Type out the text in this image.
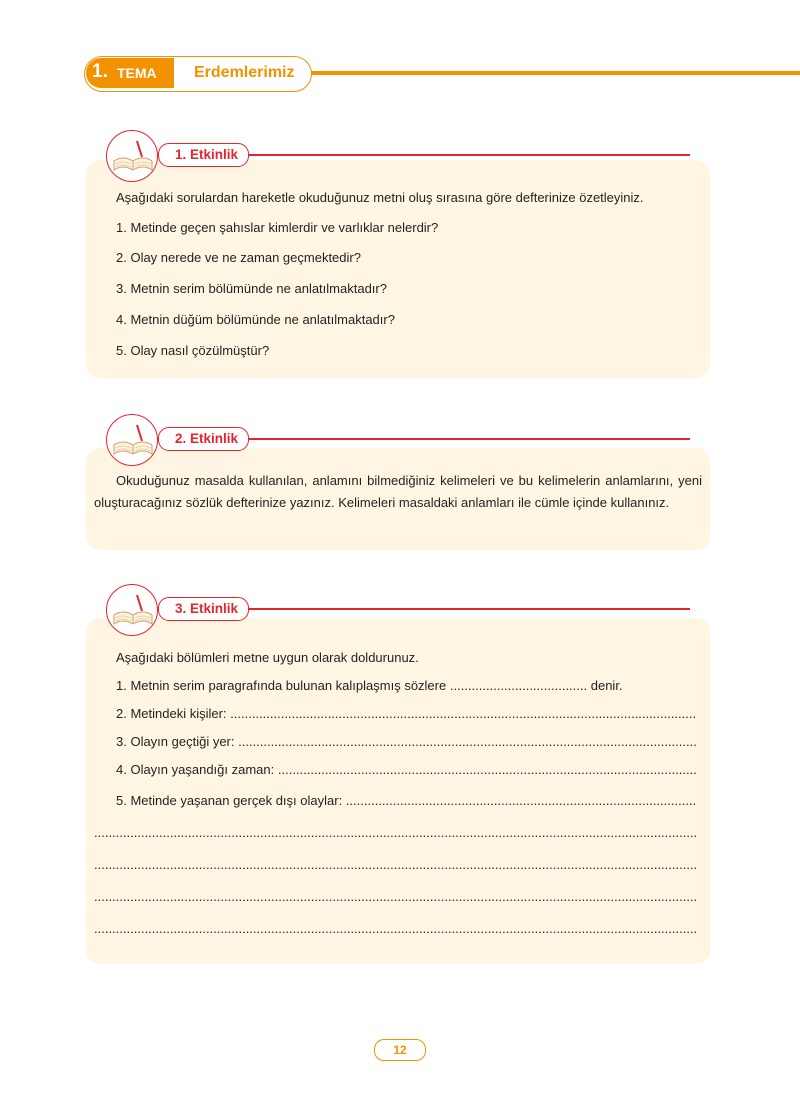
1. TEMA Erdemlerimiz
1. Etkinlik
Aşağıdaki sorulardan hareketle okuduğunuz metni oluş sırasına göre defterinize özetleyiniz.
1. Metinde geçen şahıslar kimlerdir ve varlıklar nelerdir?
2. Olay nerede ve ne zaman geçmektedir?
3. Metnin serim bölümünde ne anlatılmaktadır?
4. Metnin düğüm bölümünde ne anlatılmaktadır?
5. Olay nasıl çözülmüştür?
2. Etkinlik
Okuduğunuz masalda kullanılan, anlamını bilmediğiniz kelimeleri ve bu kelimelerin anlamlarını, yeni oluşturacağınız sözlük defterinize yazınız. Kelimeleri masaldaki anlamları ile cümle içinde kullanınız.
3. Etkinlik
Aşağıdaki bölümleri metne uygun olarak doldurunuz.
1. Metnin serim paragrafında bulunan kalıplaşmış sözlere ...................................... denir.
2. Metindeki kişiler: .................................................................................................................................
3. Olayın geçtiği yer: ...............................................................................................................................
4. Olayın yaşandığı zaman: ....................................................................................................................
5. Metinde yaşanan gerçek dışı olaylar: .................................................................................................
.......................................................................................................................................................................
.......................................................................................................................................................................
.......................................................................................................................................................................
.......................................................................................................................................................................
12
